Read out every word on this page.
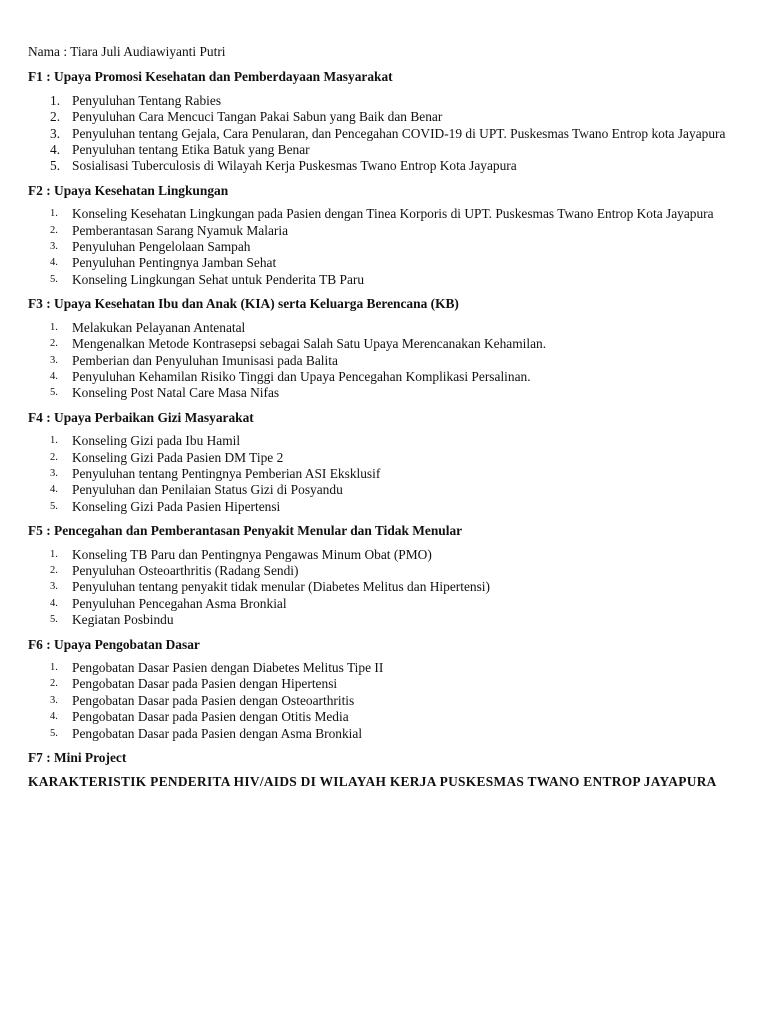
Nama : Tiara Juli Audiawiyanti Putri
F1 : Upaya Promosi Kesehatan dan Pemberdayaan Masyarakat
1. Penyuluhan Tentang Rabies
2. Penyuluhan Cara Mencuci Tangan Pakai Sabun yang Baik dan Benar
3. Penyuluhan tentang Gejala, Cara Penularan, dan Pencegahan COVID-19 di UPT. Puskesmas Twano Entrop kota Jayapura
4. Penyuluhan tentang Etika Batuk yang Benar
5. Sosialisasi Tuberculosis di Wilayah Kerja Puskesmas Twano Entrop Kota Jayapura
F2 : Upaya Kesehatan Lingkungan
1. Konseling Kesehatan Lingkungan pada Pasien dengan Tinea Korporis di UPT. Puskesmas Twano Entrop Kota Jayapura
2. Pemberantasan Sarang Nyamuk Malaria
3. Penyuluhan Pengelolaan Sampah
4. Penyuluhan Pentingnya Jamban Sehat
5. Konseling Lingkungan Sehat untuk Penderita TB Paru
F3 : Upaya Kesehatan Ibu dan Anak (KIA) serta Keluarga Berencana (KB)
1. Melakukan Pelayanan Antenatal
2. Mengenalkan Metode Kontrasepsi sebagai Salah Satu Upaya Merencanakan Kehamilan.
3. Pemberian dan Penyuluhan Imunisasi pada Balita
4. Penyuluhan Kehamilan Risiko Tinggi dan Upaya Pencegahan Komplikasi Persalinan.
5. Konseling Post Natal Care Masa Nifas
F4 : Upaya Perbaikan Gizi Masyarakat
1. Konseling Gizi pada Ibu Hamil
2. Konseling Gizi Pada Pasien DM Tipe 2
3. Penyuluhan tentang Pentingnya Pemberian ASI Eksklusif
4. Penyuluhan dan Penilaian Status Gizi di Posyandu
5. Konseling Gizi Pada Pasien Hipertensi
F5 : Pencegahan dan Pemberantasan Penyakit Menular dan Tidak Menular
1. Konseling TB Paru dan Pentingnya Pengawas Minum Obat (PMO)
2. Penyuluhan Osteoarthritis (Radang Sendi)
3. Penyuluhan tentang penyakit tidak menular (Diabetes Melitus dan Hipertensi)
4. Penyuluhan Pencegahan Asma Bronkial
5. Kegiatan Posbindu
F6 : Upaya Pengobatan Dasar
1. Pengobatan Dasar Pasien dengan Diabetes Melitus Tipe II
2. Pengobatan Dasar pada Pasien dengan Hipertensi
3. Pengobatan Dasar pada Pasien dengan Osteoarthritis
4. Pengobatan Dasar pada Pasien dengan Otitis Media
5. Pengobatan Dasar pada Pasien dengan Asma Bronkial
F7 : Mini Project
KARAKTERISTIK PENDERITA HIV/AIDS DI WILAYAH KERJA PUSKESMAS TWANO ENTROP JAYAPURA
